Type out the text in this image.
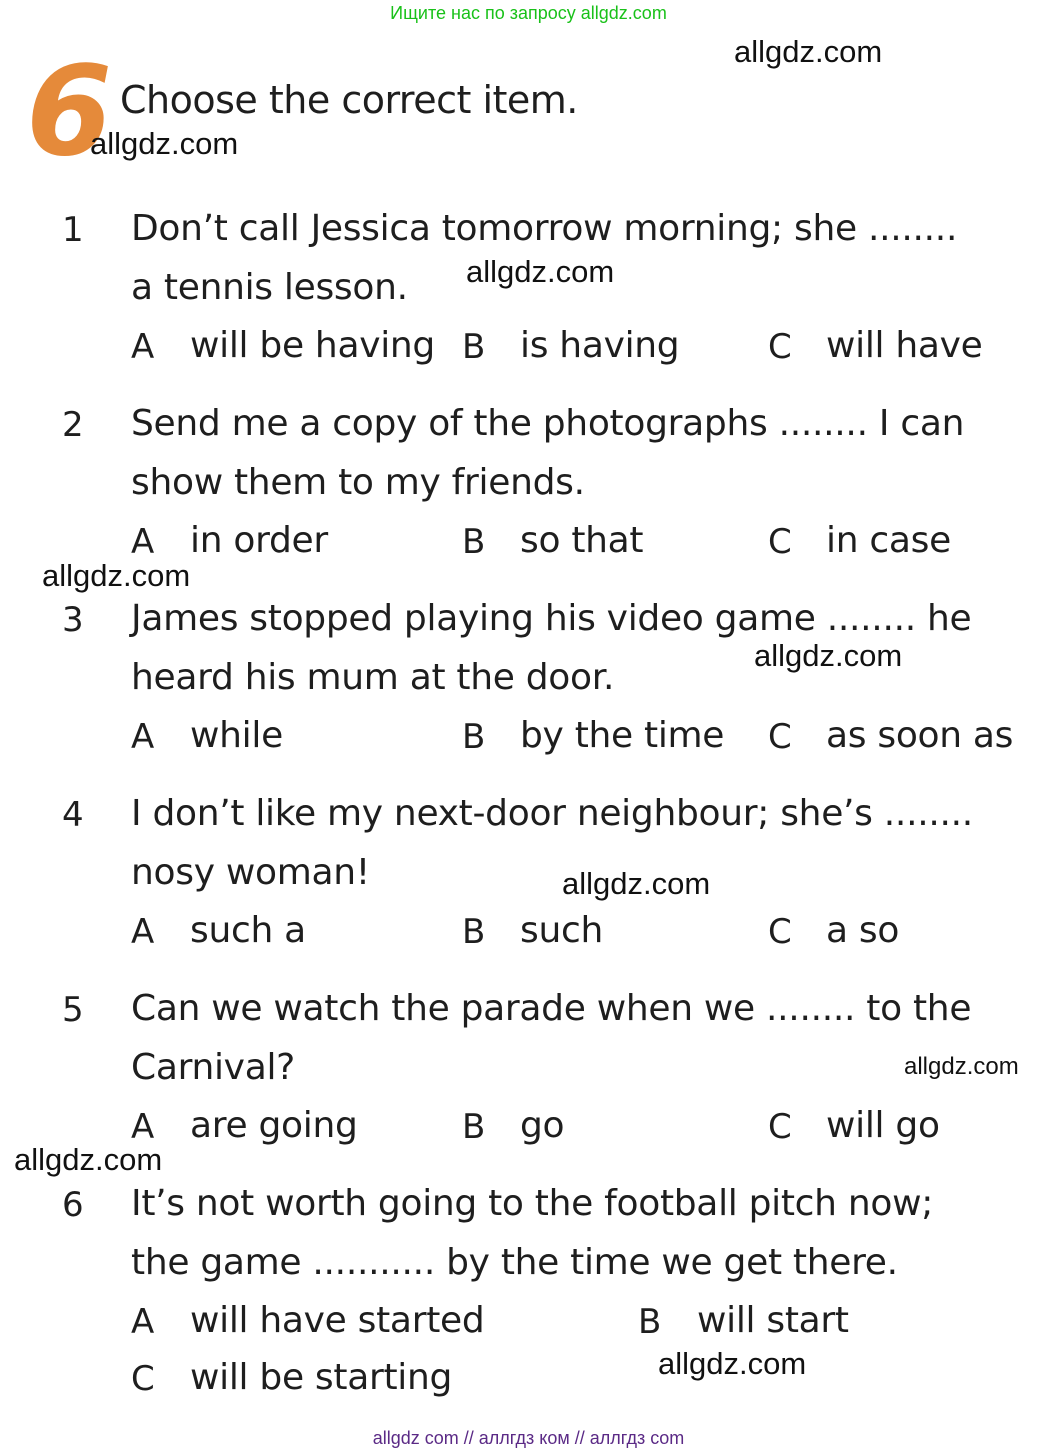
Ищите нас по запросу allgdz.com
6 Choose the correct item.
allgdz.com
allgdz.com
allgdz.com
allgdz.com
allgdz.com
allgdz.com
allgdz.com
allgdz.com
allgdz.com
1 Don’t call Jessica tomorrow morning; she ........
a tennis lesson.
A will be having B is having	C will have
2 Send me a copy of the photographs ........ I can
show them to my friends.
A in order	B so that	C in case
3 James stopped playing his video game ........ he
heard his mum at the door.
A while	B by the time C as soon as
4 I don’t like my next-door neighbour; she’s ........
nosy woman!
A such a	B such	C a so
5 Can we watch the parade when we ........ to the
Carnival?
A are going	B go	C will go
6 It’s not worth going to the football pitch now;
the game ........... by the time we get there.
A will have started	B will start
C will be starting
allgdz com // аллгдз ком // аллгдз com
